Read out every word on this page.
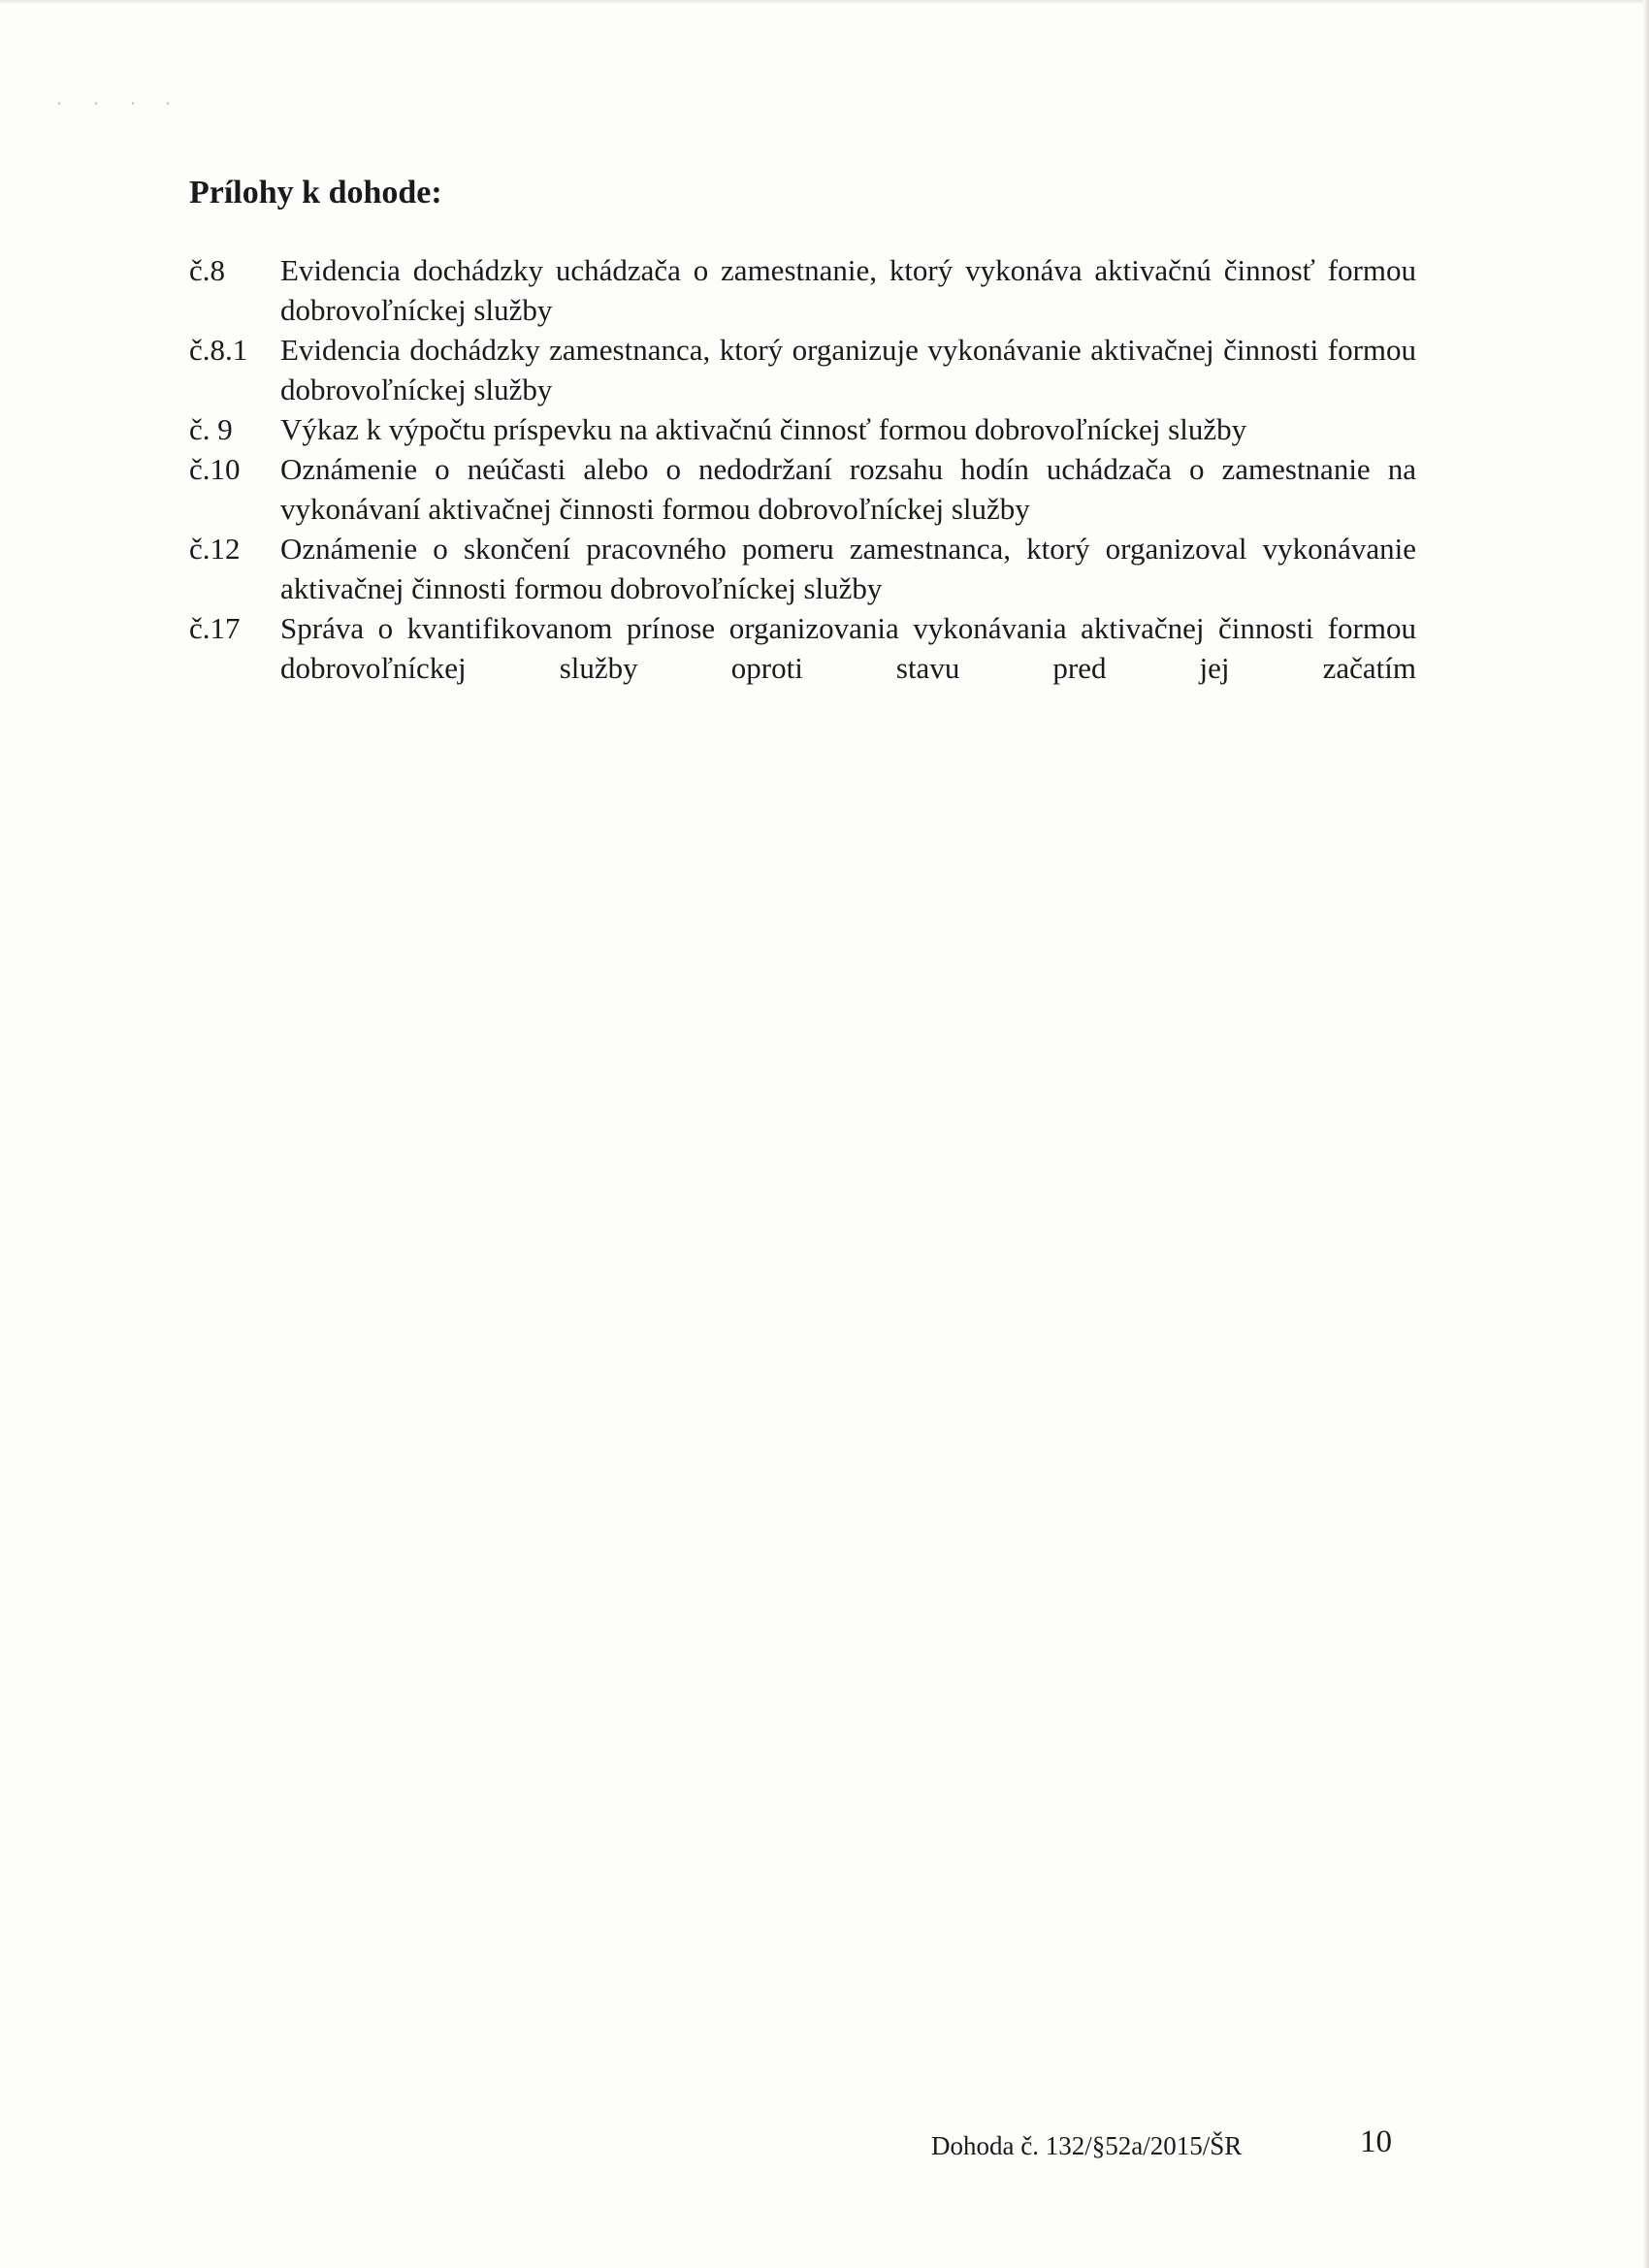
Prílohy k dohode:
č.8	Evidencia dochádzky uchádzača o zamestnanie, ktorý vykonáva aktivačnú činnosť formou dobrovoľníckej služby
č.8.1	Evidencia dochádzky zamestnanca, ktorý organizuje vykonávanie aktivačnej činnosti formou dobrovoľníckej služby
č. 9	Výkaz k výpočtu príspevku na aktivačnú činnosť formou dobrovoľníckej služby
č.10	Oznámenie o neúčasti alebo o nedodržaní rozsahu hodín uchádzača o zamestnanie na vykonávaní aktivačnej činnosti formou dobrovoľníckej služby
č.12	Oznámenie o skončení pracovného pomeru zamestnanca, ktorý organizoval vykonávanie aktivačnej činnosti formou dobrovoľníckej služby
č.17	Správa o kvantifikovanom prínose organizovania vykonávania aktivačnej činnosti formou dobrovoľníckej služby oproti stavu pred jej začatím
Dohoda č. 132/§52a/2015/ŠR	10
